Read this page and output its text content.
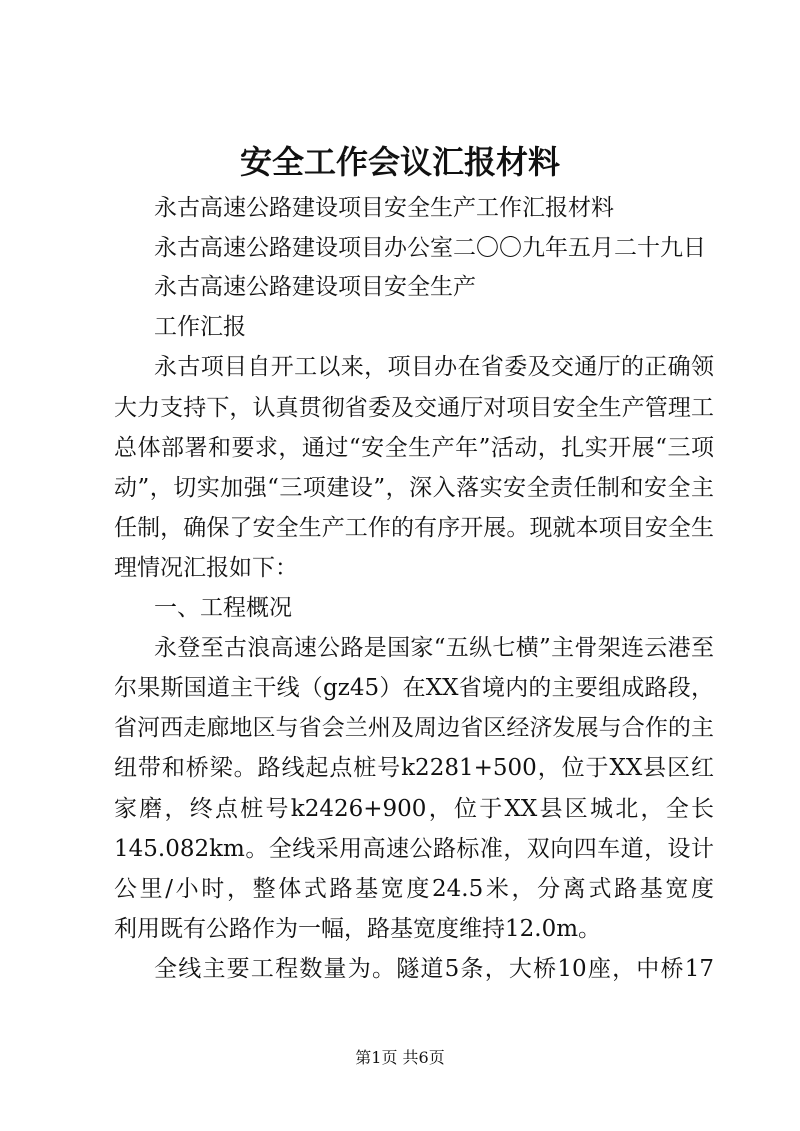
安全工作会议汇报材料
永古高速公路建设项目安全生产工作汇报材料
永古高速公路建设项目办公室二〇〇九年五月二十九日
永古高速公路建设项目安全生产
工作汇报
永古项目自开工以来，项目办在省委及交通厅的正确领
大力支持下，认真贯彻省委及交通厅对项目安全生产管理工
总体部署和要求，通过“安全生产年”活动，扎实开展“三项
动”，切实加强“三项建设”，深入落实安全责任制和安全主
任制，确保了安全生产工作的有序开展。现就本项目安全生
理情况汇报如下：
一、工程概况
永登至古浪高速公路是国家“五纵七横”主骨架连云港至
尔果斯国道主干线（gz45）在XX省境内的主要组成路段，
省河西走廊地区与省会兰州及周边省区经济发展与合作的主
纽带和桥梁。路线起点桩号k2281+500，位于XX县区红
家磨，终点桩号k2426+900，位于XX县区城北，全长
145.082km。全线采用高速公路标准，双向四车道，设计
公里/小时，整体式路基宽度24.5米，分离式路基宽度
利用既有公路作为一幅，路基宽度维持12.0m。
全线主要工程数量为。隧道5条，大桥10座，中桥17
第1页 共6页
